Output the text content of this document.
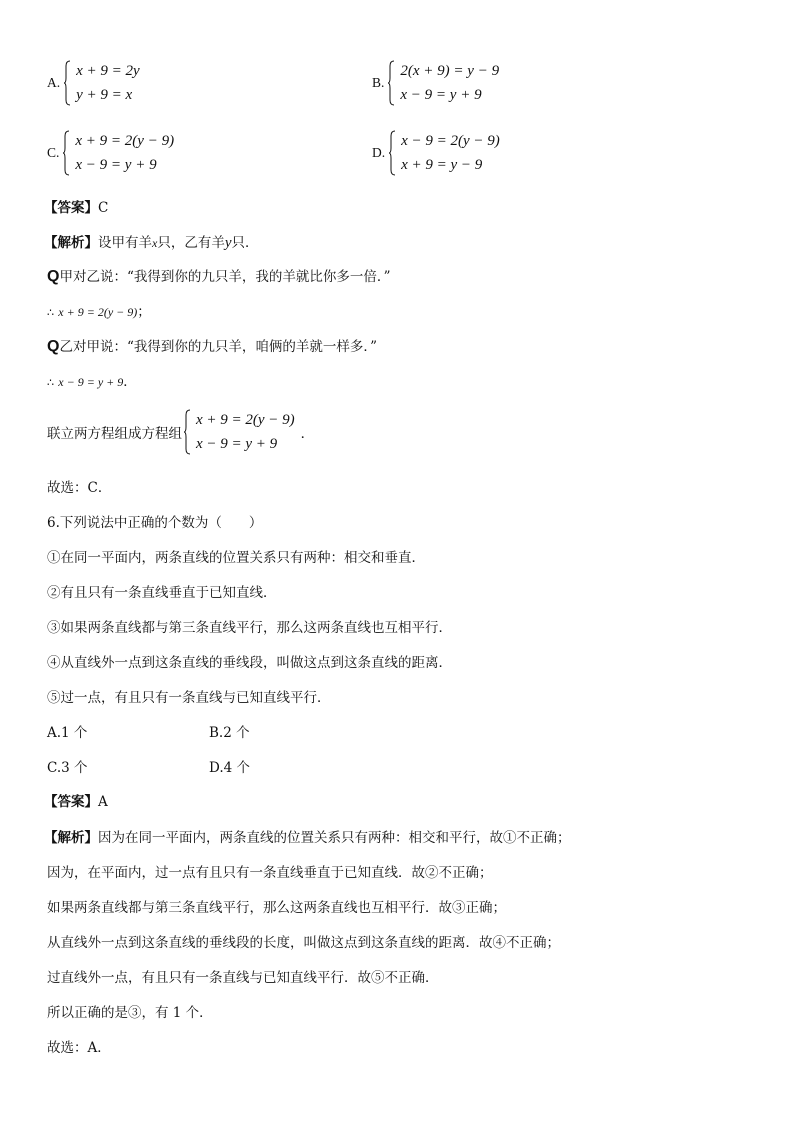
A.
x + 9 = 2y
y + 9 = x
B.
2(x + 9) = y − 9
x − 9 = y + 9
C.
x + 9 = 2(y − 9)
x − 9 = y + 9
D.
x − 9 = 2(y − 9)
x + 9 = y − 9
【答案】C
【解析】设甲有羊x只，乙有羊y只．
Q甲对乙说：“我得到你的九只羊，我的羊就比你多一倍．”
∴ x + 9 = 2(y − 9)；
Q乙对甲说：“我得到你的九只羊，咱俩的羊就一样多．”
∴ x − 9 = y + 9．
联立两方程组成方程组
x + 9 = 2(y − 9)
x − 9 = y + 9
．
故选：C．
6.下列说法中正确的个数为（　　）
①在同一平面内，两条直线的位置关系只有两种：相交和垂直．
②有且只有一条直线垂直于已知直线．
③如果两条直线都与第三条直线平行，那么这两条直线也互相平行．
④从直线外一点到这条直线的垂线段，叫做这点到这条直线的距离．
⑤过一点，有且只有一条直线与已知直线平行．
A.1 个	B.2 个
C.3 个	D.4 个
【答案】A
【解析】因为在同一平面内，两条直线的位置关系只有两种：相交和平行，故①不正确；
因为，在平面内，过一点有且只有一条直线垂直于已知直线．故②不正确；
如果两条直线都与第三条直线平行，那么这两条直线也互相平行．故③正确；
从直线外一点到这条直线的垂线段的长度，叫做这点到这条直线的距离．故④不正确；
过直线外一点，有且只有一条直线与已知直线平行．故⑤不正确．
所以正确的是③，有 1 个．
故选：A．
